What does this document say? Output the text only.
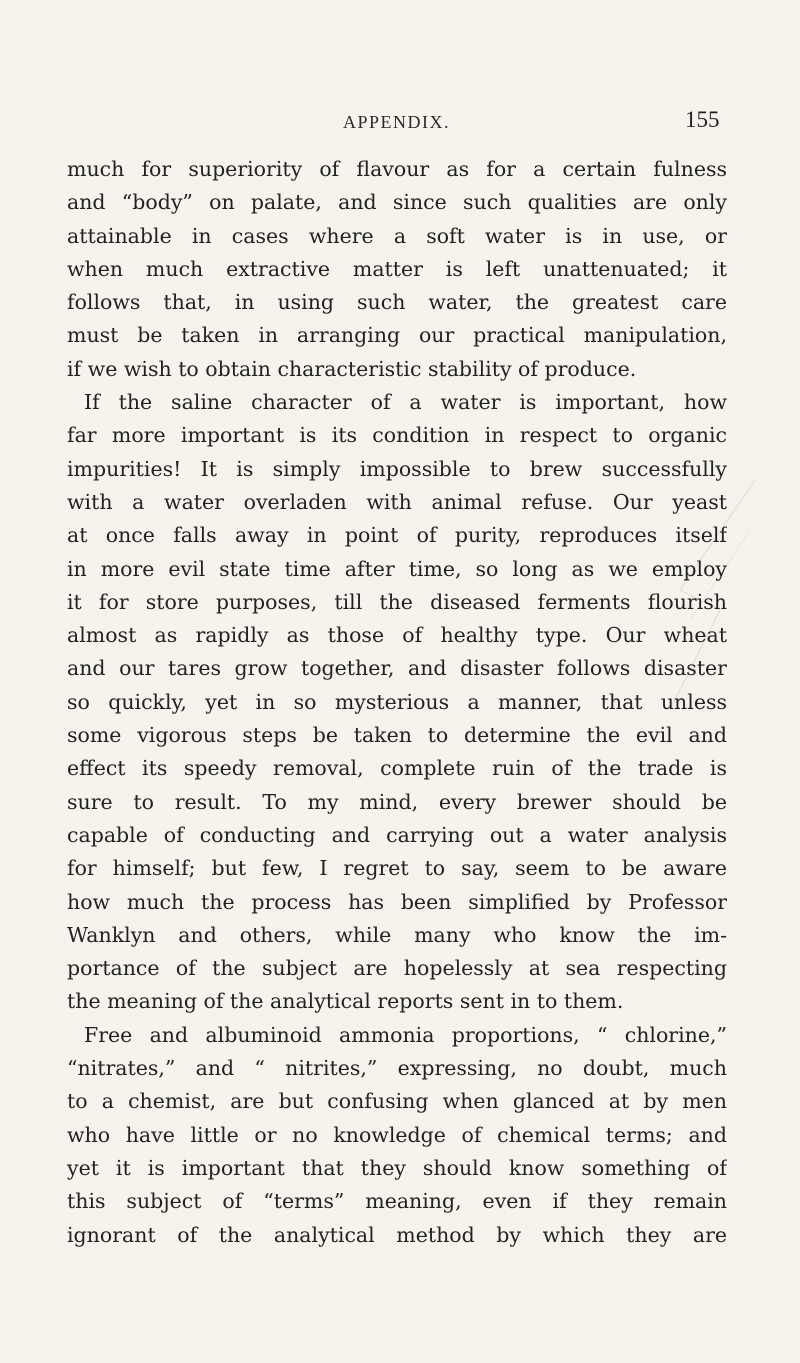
APPENDIX.	155
much for superiority of flavour as for a certain fulness
and “body” on palate, and since such qualities are only
attainable in cases where a soft water is in use, or
when much extractive matter is left unattenuated; it
follows that, in using such water, the greatest care
must be taken in arranging our practical manipulation,
if we wish to obtain characteristic stability of produce.
If the saline character of a water is important, how
far more important is its condition in respect to organic
impurities! It is simply impossible to brew successfully
with a water overladen with animal refuse. Our yeast
at once falls away in point of purity, reproduces itself
in more evil state time after time, so long as we employ
it for store purposes, till the diseased ferments flourish
almost as rapidly as those of healthy type. Our wheat
and our tares grow together, and disaster follows disaster
so quickly, yet in so mysterious a manner, that unless
some vigorous steps be taken to determine the evil and
effect its speedy removal, complete ruin of the trade is
sure to result. To my mind, every brewer should be
capable of conducting and carrying out a water analysis
for himself; but few, I regret to say, seem to be aware
how much the process has been simplified by Professor
Wanklyn and others, while many who know the im-
portance of the subject are hopelessly at sea respecting
the meaning of the analytical reports sent in to them.
Free and albuminoid ammonia proportions, “ chlorine,”
“nitrates,” and “ nitrites,” expressing, no doubt, much
to a chemist, are but confusing when glanced at by men
who have little or no knowledge of chemical terms; and
yet it is important that they should know something of
this subject of “terms” meaning, even if they remain
ignorant of the analytical method by which they are
